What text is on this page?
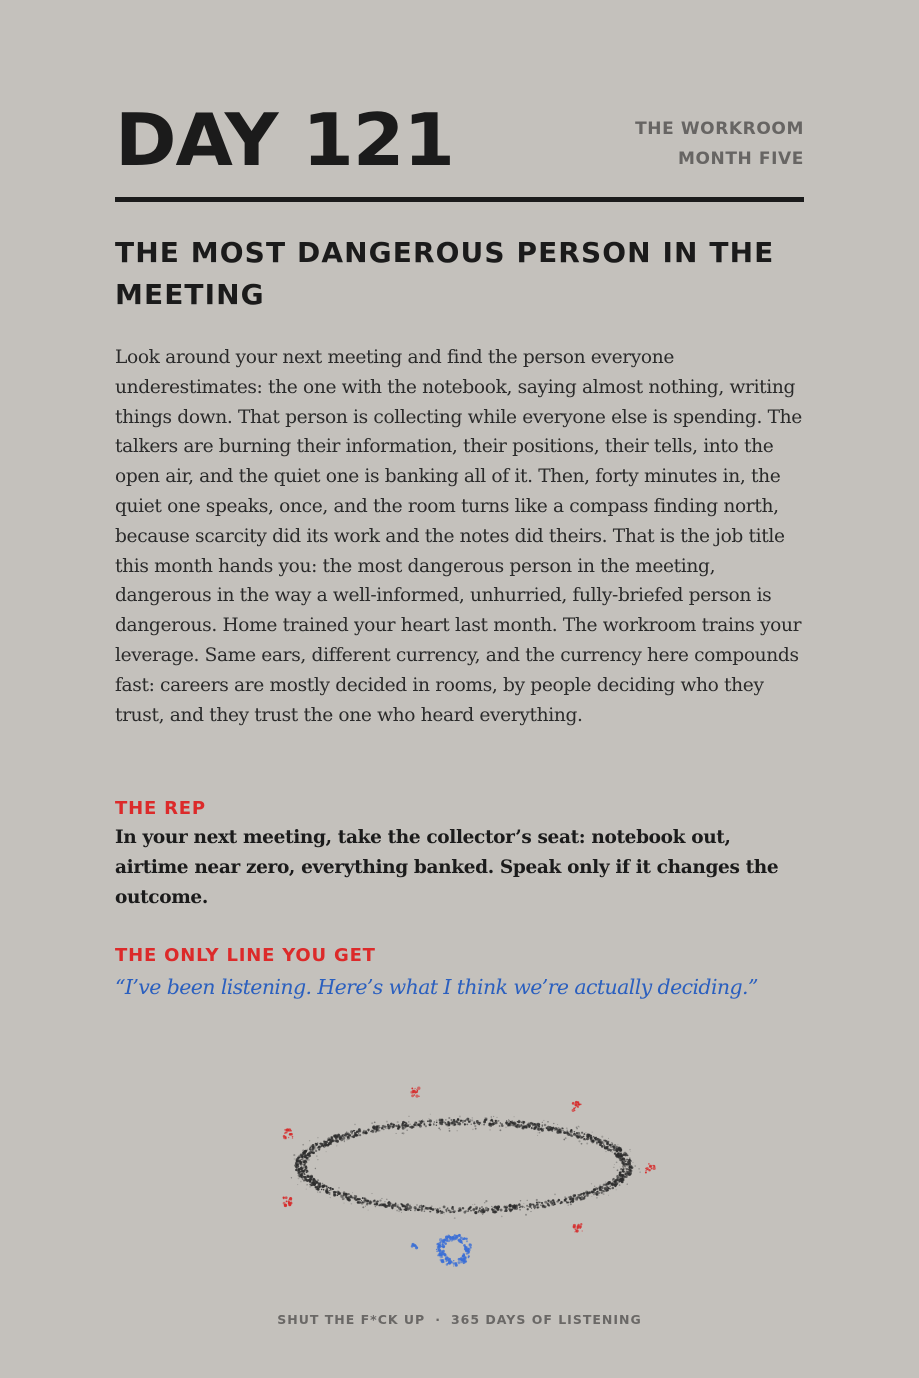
DAY 121	THE WORKROOM
MONTH FIVE
THE MOST DANGEROUS PERSON IN THE MEETING

Look around your next meeting and find the person everyone underestimates: the one with the notebook, saying almost nothing, writing things down. That person is collecting while everyone else is spending. The talkers are burning their information, their positions, their tells, into the open air, and the quiet one is banking all of it. Then, forty minutes in, the quiet one speaks, once, and the room turns like a compass finding north, because scarcity did its work and the notes did theirs. That is the job title this month hands you: the most dangerous person in the meeting, dangerous in the way a well-informed, unhurried, fully-briefed person is dangerous. Home trained your heart last month. The workroom trains your leverage. Same ears, different currency, and the currency here compounds fast: careers are mostly decided in rooms, by people deciding who they trust, and they trust the one who heard everything.

THE REP

In your next meeting, take the collector’s seat: notebook out, airtime near zero, everything banked. Speak only if it changes the outcome.

THE ONLY LINE YOU GET

“I’ve been listening. Here’s what I think we’re actually deciding.”

SHUT THE F*CK UP · 365 DAYS OF LISTENING
